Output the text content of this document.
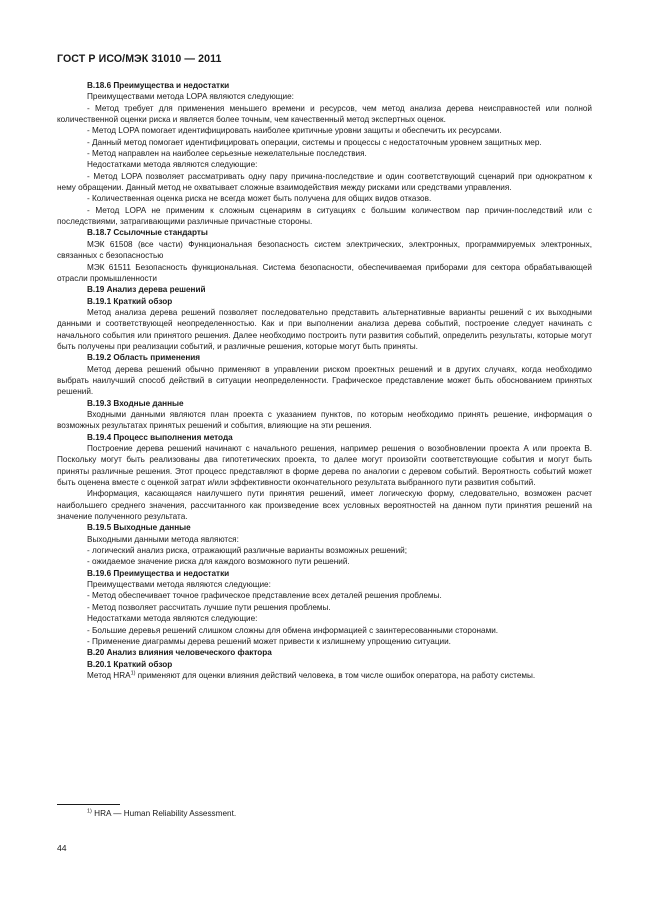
ГОСТ Р ИСО/МЭК 31010 — 2011

В.18.6 Преимущества и недостатки

Преимуществами метода LOPA являются следующие:

- Метод требует для применения меньшего времени и ресурсов, чем метод анализа дерева неисправностей или полной количественной оценки риска и является более точным, чем качественный метод экспертных оценок.

- Метод LOPA помогает идентифицировать наиболее критичные уровни защиты и обеспечить их ресурсами.

- Данный метод помогает идентифицировать операции, системы и процессы с недостаточным уровнем защитных мер.

- Метод направлен на наиболее серьезные нежелательные последствия.

Недостатками метода являются следующие:

- Метод LOPA позволяет рассматривать одну пару причина-последствие и один соответствующий сценарий при однократном к нему обращении. Данный метод не охватывает сложные взаимодействия между рисками или средствами управления.

- Количественная оценка риска не всегда может быть получена для общих видов отказов.

- Метод LOPA не применим к сложным сценариям в ситуациях с большим количеством пар причин-последствий или с последствиями, затрагивающими различные причастные стороны.

В.18.7 Ссылочные стандарты

МЭК 61508 (все части) Функциональная безопасность систем электрических, электронных, программируемых электронных, связанных с безопасностью

МЭК 61511 Безопасность функциональная. Система безопасности, обеспечиваемая приборами для сектора обрабатывающей отрасли промышленности

В.19 Анализ дерева решений

В.19.1 Краткий обзор

Метод анализа дерева решений позволяет последовательно представить альтернативные варианты решений с их выходными данными и соответствующей неопределенностью. Как и при выполнении анализа дерева событий, построение следует начинать с начального события или принятого решения. Далее необходимо построить пути развития событий, определить результаты, которые могут быть получены при реализации событий, и различные решения, которые могут быть приняты.

В.19.2 Область применения

Метод дерева решений обычно применяют в управлении риском проектных решений и в других случаях, когда необходимо выбрать наилучший способ действий в ситуации неопределенности. Графическое представление может быть обоснованием принятых решений.

В.19.3 Входные данные

Входными данными являются план проекта с указанием пунктов, по которым необходимо принять решение, информация о возможных результатах принятых решений и события, влияющие на эти решения.

В.19.4 Процесс выполнения метода

Построение дерева решений начинают с начального решения, например решения о возобновлении проекта А или проекта В. Поскольку могут быть реализованы два гипотетических проекта, то далее могут произойти соответствующие события и могут быть приняты различные решения. Этот процесс представляют в форме дерева по аналогии с деревом событий. Вероятность событий может быть оценена вместе с оценкой затрат и/или эффективности окончательного результата выбранного пути развития событий.

Информация, касающаяся наилучшего пути принятия решений, имеет логическую форму, следовательно, возможен расчет наибольшего среднего значения, рассчитанного как произведение всех условных вероятностей на данном пути принятия решений на значение полученного результата.

В.19.5 Выходные данные

Выходными данными метода являются:

- логический анализ риска, отражающий различные варианты возможных решений;

- ожидаемое значение риска для каждого возможного пути решений.

В.19.6 Преимущества и недостатки

Преимуществами метода являются следующие:

- Метод обеспечивает точное графическое представление всех деталей решения проблемы.

- Метод позволяет рассчитать лучшие пути решения проблемы.

Недостатками метода являются следующие:

- Большие деревья решений слишком сложны для обмена информацией с заинтересованными сторонами.

- Применение диаграммы дерева решений может привести к излишнему упрощению ситуации.

В.20 Анализ влияния человеческого фактора

В.20.1 Краткий обзор

Метод HRA$^{1)}$ применяют для оценки влияния действий человека, в том числе ошибок оператора, на работу системы.

$^{1)}$ HRA — Human Reliability Assessment.
44
